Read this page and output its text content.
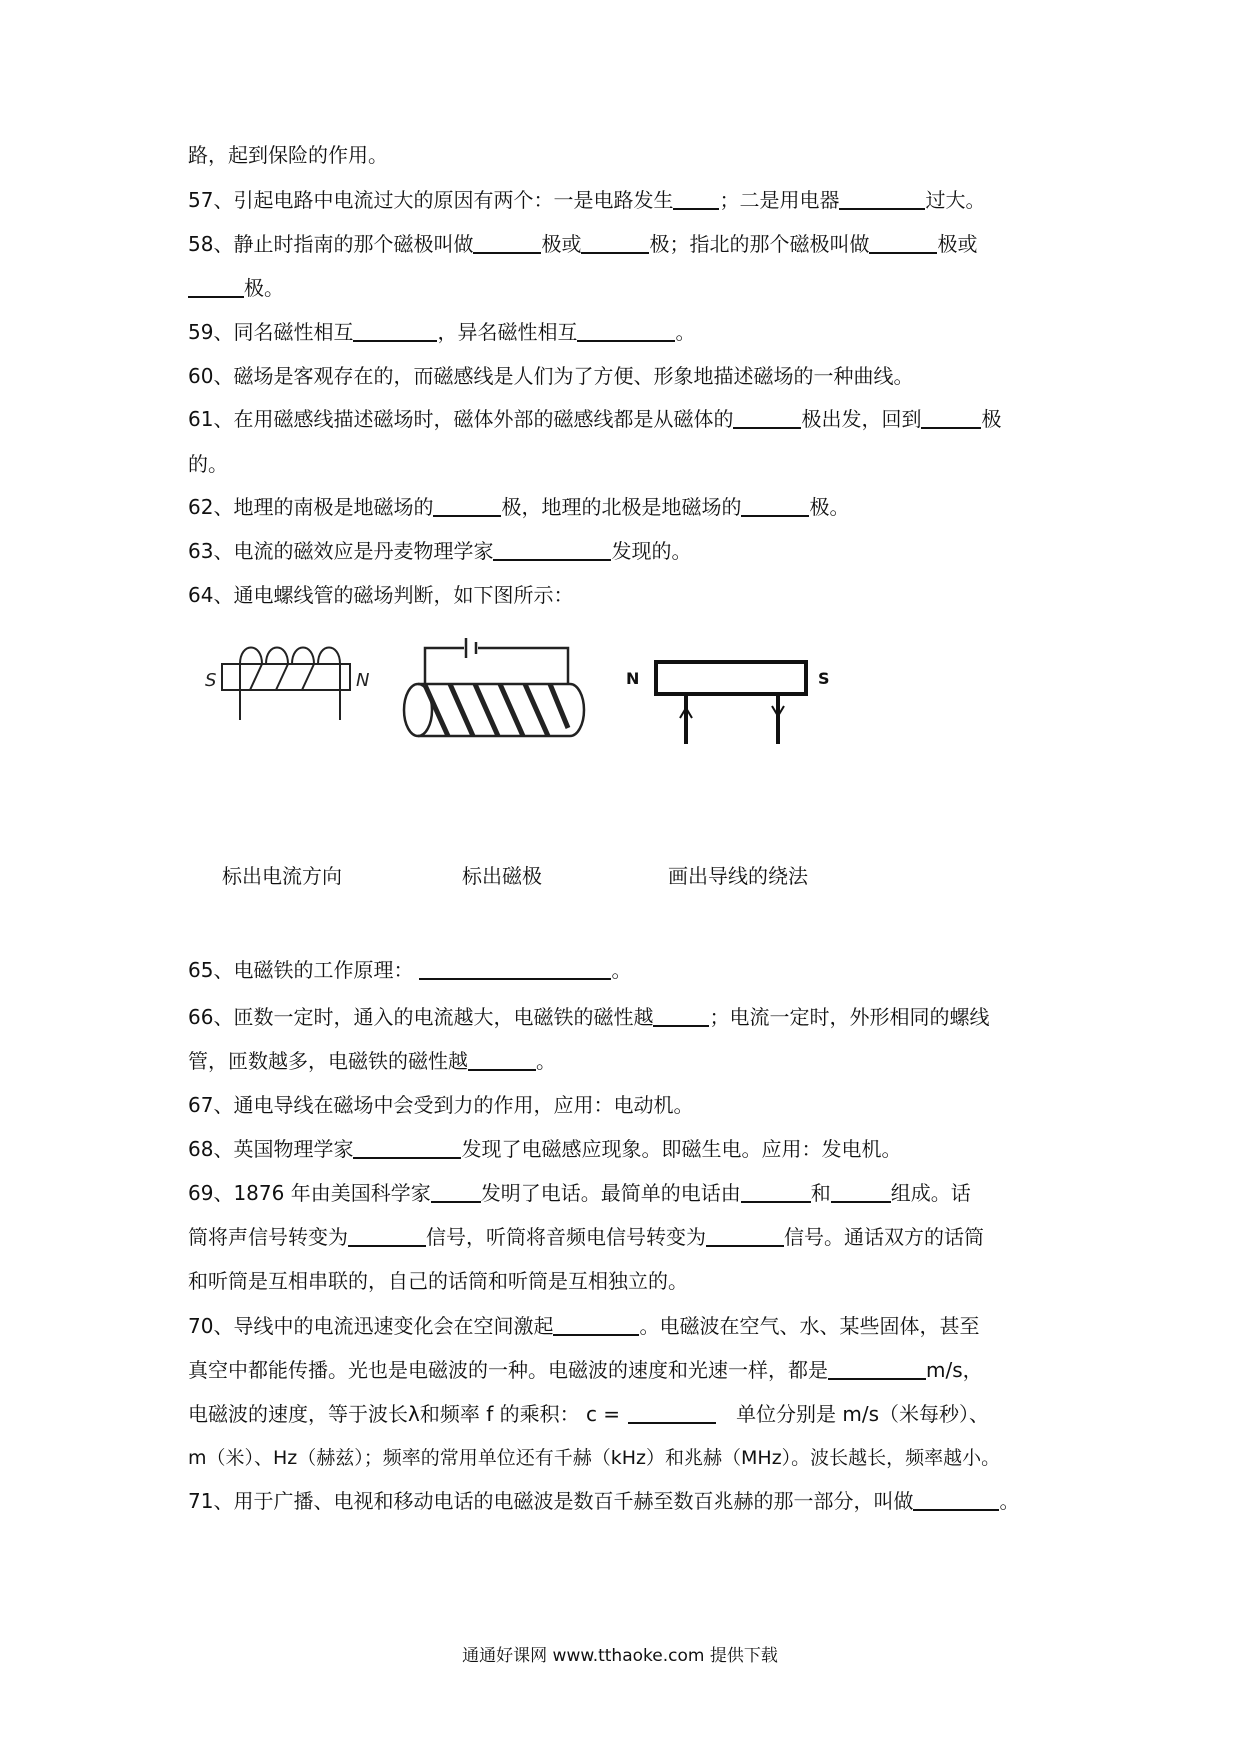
路，起到保险的作用。
57、引起电路中电流过大的原因有两个：一是电路发生 ；二是用电器	过大。
58、静止时指南的那个磁极叫做	极或	极；指北的那个磁极叫做	极或
极。
59、同名磁性相互	，异名磁性相互	。
60、磁场是客观存在的，而磁感线是人们为了方便、形象地描述磁场的一种曲线。
61、在用磁感线描述磁场时，磁体外部的磁感线都是从磁体的	极出发，回到	极
的。
62、地理的南极是地磁场的	极，地理的北极是地磁场的	极。
63、电流的磁效应是丹麦物理学家	发现的。
64、通电螺线管的磁场判断，如下图所示：
S	N	N	S
标出电流方向	标出磁极	画出导线的绕法
65、电磁铁的工作原理：	。
66、匝数一定时，通入的电流越大，电磁铁的磁性越	；电流一定时，外形相同的螺线
管，匝数越多，电磁铁的磁性越	。
67、通电导线在磁场中会受到力的作用，应用：电动机。
68、英国物理学家	发现了电磁感应现象。即磁生电。应用：发电机。
69、1876 年由美国科学家	发明了电话。最简单的电话由	和	组成。话
筒将声信号转变为	信号，听筒将音频电信号转变为	信号。通话双方的话筒
和听筒是互相串联的，自己的话筒和听筒是互相独立的。
70、导线中的电流迅速变化会在空间激起	。电磁波在空气、水、某些固体，甚至
真空中都能传播。光也是电磁波的一种。电磁波的速度和光速一样，都是	m/s，
电磁波的速度，等于波长λ和频率 f 的乘积： c =	单位分别是 m/s（米每秒）、
m（米）、Hz（赫兹）；频率的常用单位还有千赫（kHz）和兆赫（MHz）。波长越长，频率越小。
71、用于广播、电视和移动电话的电磁波是数百千赫至数百兆赫的那一部分，叫做	。
通通好课网 www.tthaoke.com 提供下载
